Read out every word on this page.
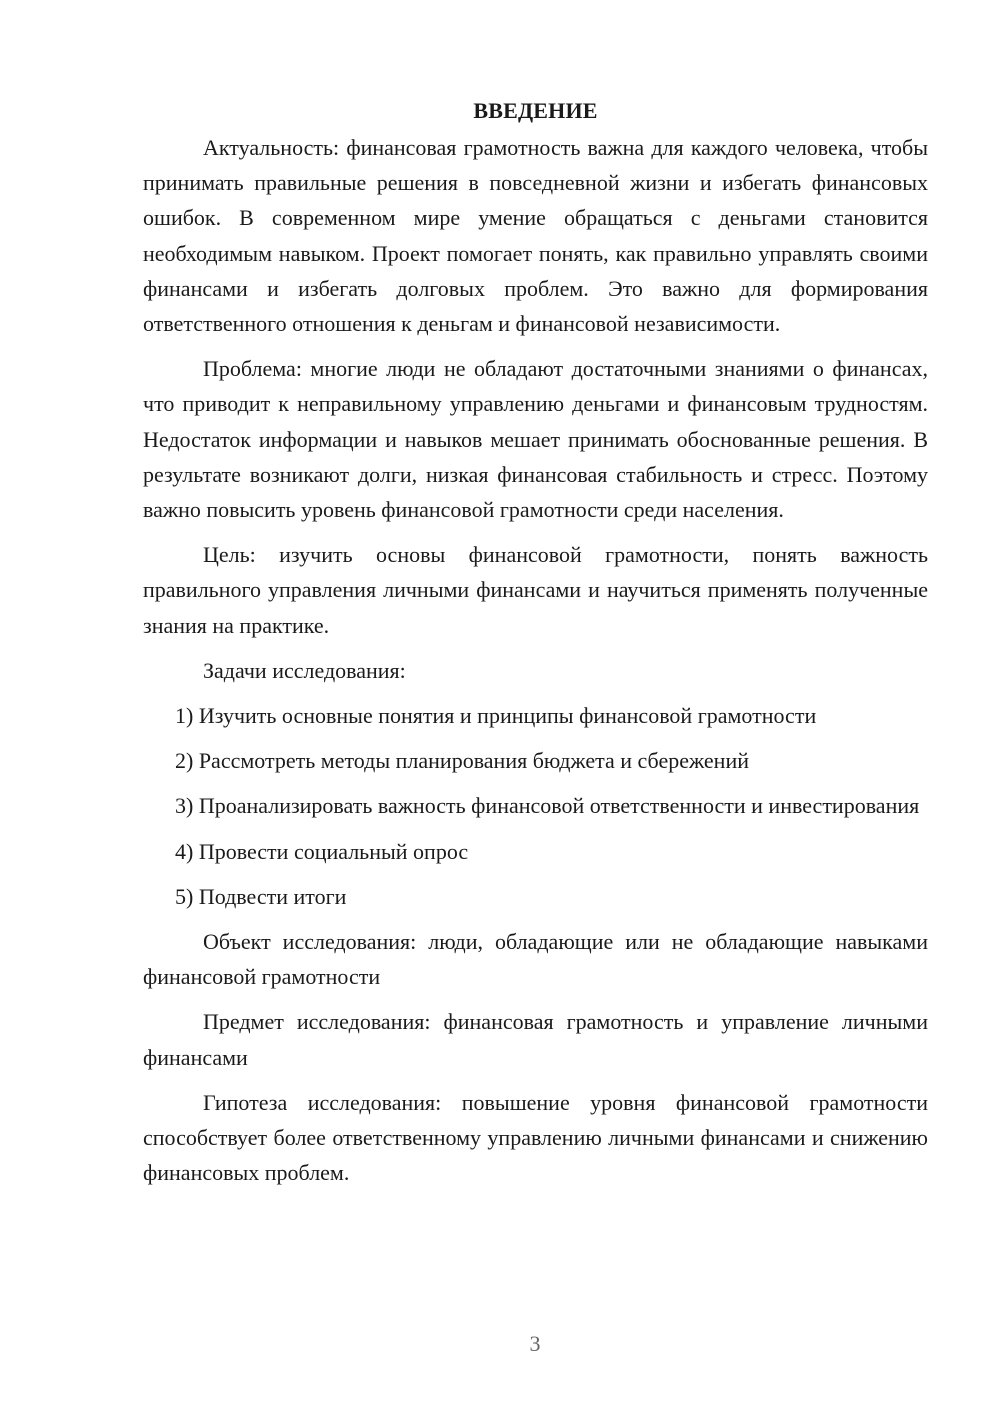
ВВЕДЕНИЕ

Актуальность: финансовая грамотность важна для каждого человека, чтобы принимать правильные решения в повседневной жизни и избегать финансовых ошибок. В современном мире умение обращаться с деньгами становится необходимым навыком. Проект помогает понять, как правильно управлять своими финансами и избегать долговых проблем. Это важно для формирования ответственного отношения к деньгам и финансовой независимости.

Проблема: многие люди не обладают достаточными знаниями о финансах, что приводит к неправильному управлению деньгами и финансовым трудностям. Недостаток информации и навыков мешает принимать обоснованные решения. В результате возникают долги, низкая финансовая стабильность и стресс. Поэтому важно повысить уровень финансовой грамотности среди населения.

Цель: изучить основы финансовой грамотности, понять важность правильного управления личными финансами и научиться применять полученные знания на практике.

Задачи исследования:

1) Изучить основные понятия и принципы финансовой грамотности

2) Рассмотреть методы планирования бюджета и сбережений

3) Проанализировать важность финансовой ответственности и инвестирования

4) Провести социальный опрос

5) Подвести итоги

Объект исследования: люди, обладающие или не обладающие навыками финансовой грамотности

Предмет исследования: финансовая грамотность и управление личными финансами

Гипотеза исследования: повышение уровня финансовой грамотности способствует более ответственному управлению личными финансами и снижению финансовых проблем.

3
